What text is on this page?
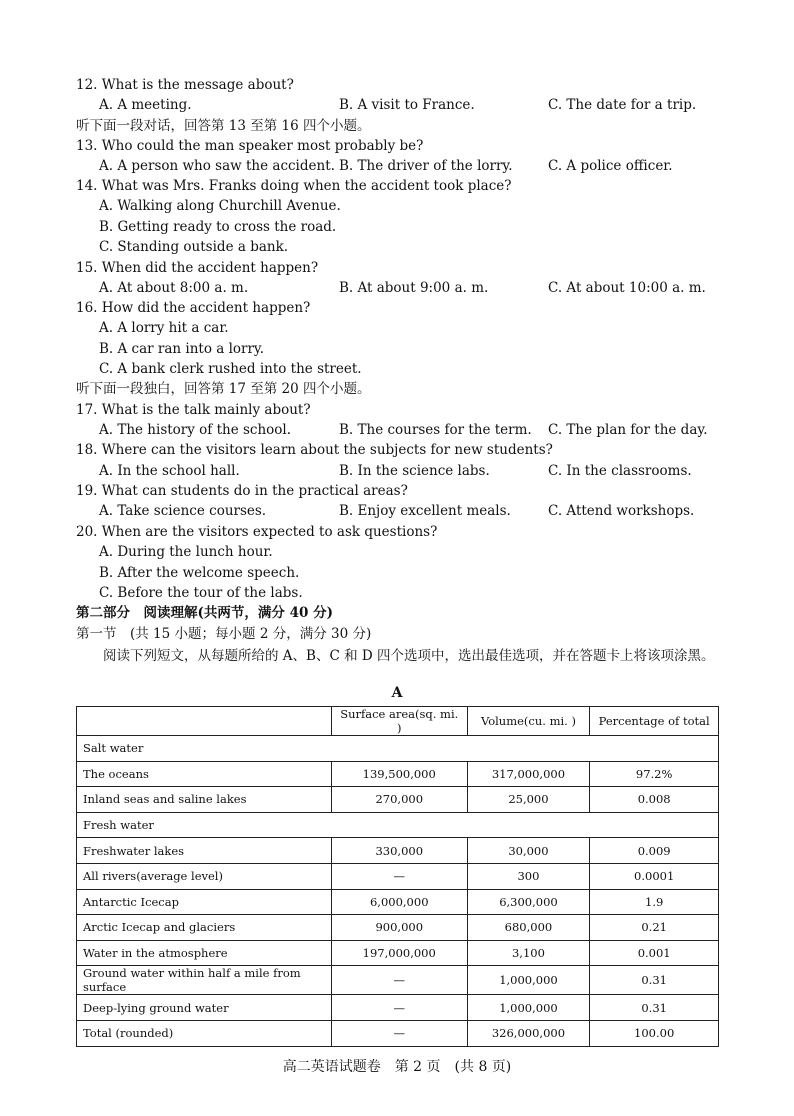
12. What is the message about?
A. A meeting.	B. A visit to France.	C. The date for a trip.
听下面一段对话，回答第 13 至第 16 四个小题。
13. Who could the man speaker most probably be?
A. A person who saw the accident. B. The driver of the lorry.	C. A police officer.
14. What was Mrs. Franks doing when the accident took place?
A. Walking along Churchill Avenue.
B. Getting ready to cross the road.
C. Standing outside a bank.
15. When did the accident happen?
A. At about 8:00 a. m.	B. At about 9:00 a. m.	C. At about 10:00 a. m.
16. How did the accident happen?
A. A lorry hit a car.
B. A car ran into a lorry.
C. A bank clerk rushed into the street.
听下面一段独白，回答第 17 至第 20 四个小题。
17. What is the talk mainly about?
A. The history of the school.	B. The courses for the term. C. The plan for the day.
18. Where can the visitors learn about the subjects for new students?
A. In the school hall.	B. In the science labs.	C. In the classrooms.
19. What can students do in the practical areas?
A. Take science courses.	B. Enjoy excellent meals.	C. Attend workshops.
20. When are the visitors expected to ask questions?
A. During the lunch hour.
B. After the welcome speech.
C. Before the tour of the labs.
第二部分　阅读理解(共两节，满分 40 分)
第一节　(共 15 小题；每小题 2 分，满分 30 分)
阅读下列短文，从每题所给的 A、B、C 和 D 四个选项中，选出最佳选项，并在答题卡上将该项涂黑。
A
	Surface area(sq. mi. )	Volume(cu. mi. )	Percentage of total
Salt water			
The oceans	139,500,000	317,000,000	97.2%
Inland seas and saline lakes	270,000	25,000	0.008
Fresh water			
Freshwater lakes	330,000	30,000	0.009
All rivers(average level)	—	300	0.0001
Antarctic Icecap	6,000,000	6,300,000	1.9
Arctic Icecap and glaciers	900,000	680,000	0.21
Water in the atmosphere	197,000,000	3,100	0.001
Ground water within half a mile from surface	—	1,000,000	0.31
Deep-lying ground water	—	1,000,000	0.31
Total (rounded)	—	326,000,000	100.00
高二英语试题卷　第 2 页　(共 8 页)
